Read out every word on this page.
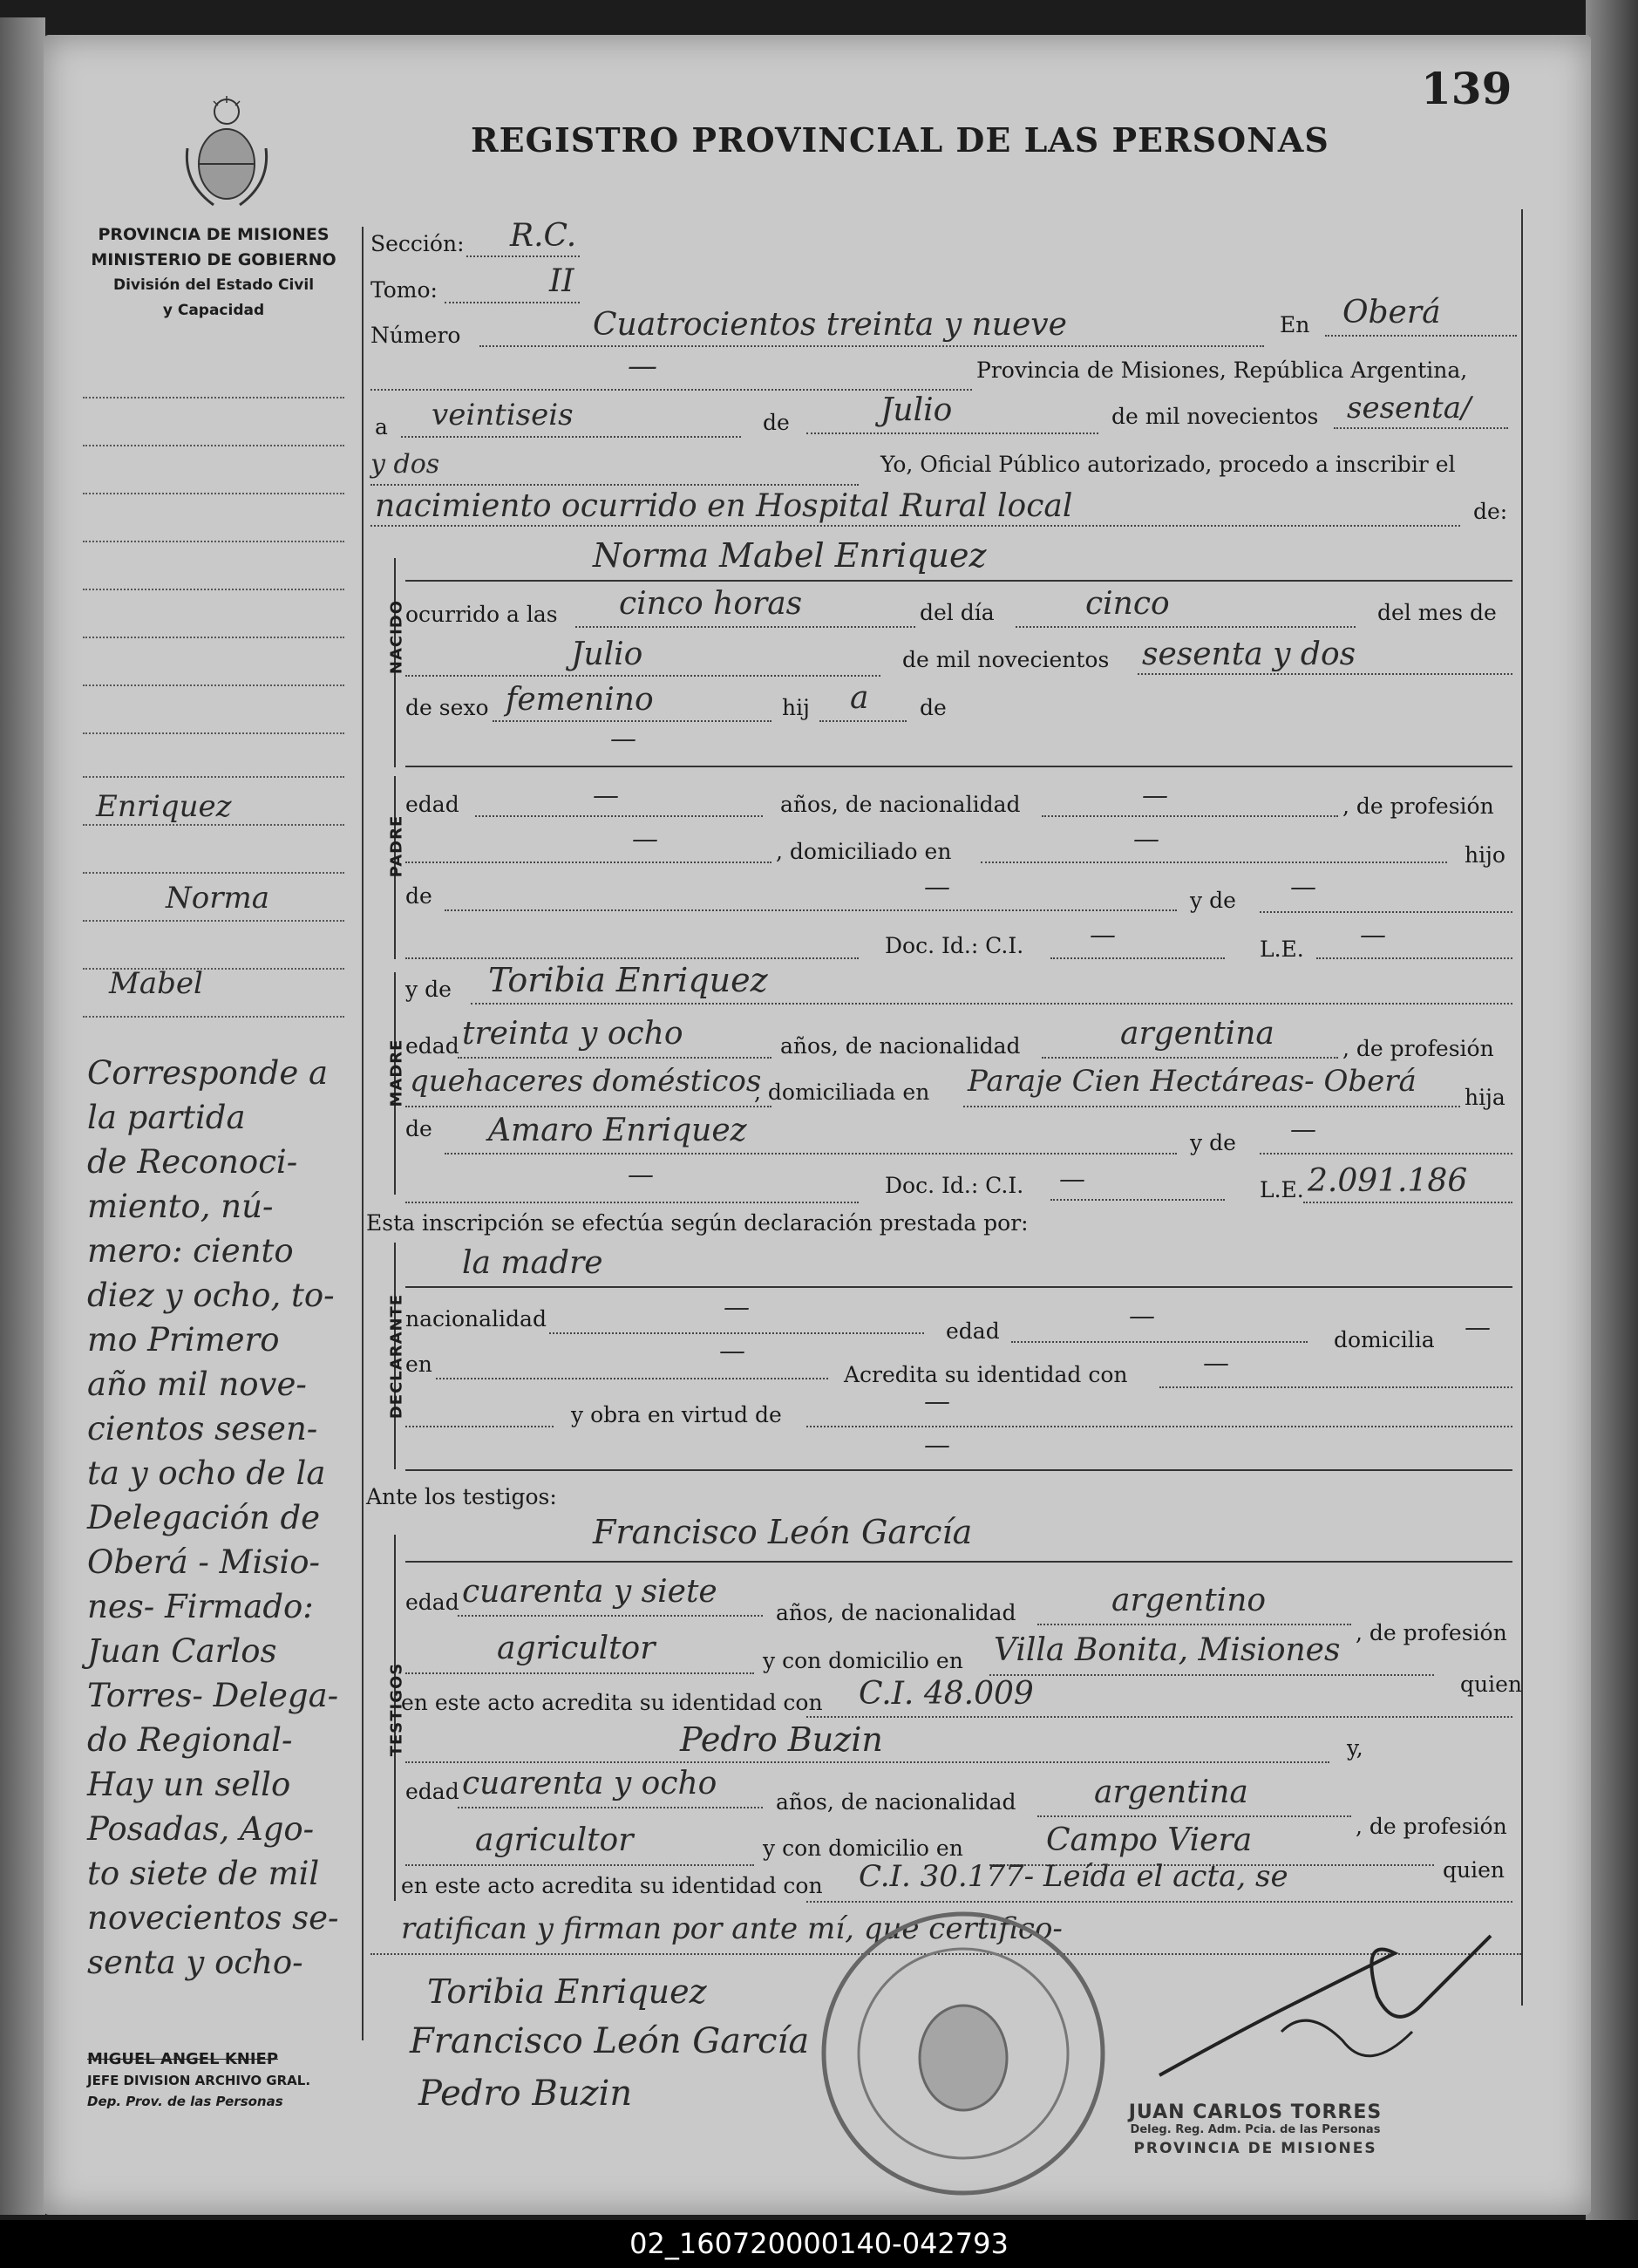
139
REGISTRO PROVINCIAL DE LAS PERSONAS
PROVINCIA DE MISIONES
MINISTERIO DE GOBIERNO
División del Estado Civil
y Capacidad
Enriquez
Norma
Mabel
Corresponde a
la partida
de Reconoci-
miento, nú-
mero: ciento
diez y ocho, to-
mo Primero
año mil nove-
cientos sesen-
ta y ocho de la
Delegación de
Oberá - Misio-
nes- Firmado:
Juan Carlos
Torres- Delega-
do Regional-
Hay un sello
Posadas, Ago-
to siete de mil
novecientos se-
senta y ocho-
MIGUEL ANGEL KNIEP
JEFE DIVISION ARCHIVO GRAL.
Dep. Prov. de las Personas
NACIDO
PADRE
MADRE
DECLARANTE
TESTIGOS
Sección: R.C.
Tomo:	II
Número	Cuatrocientos treinta y nueve	En Oberá
—	Provincia de Misiones, República Argentina,
a veintiseis	de	Julio	de mil novecientos sesenta/
y dos	Yo, Oficial Público autorizado, procedo a inscribir el
nacimiento ocurrido en Hospital Rural local	de:
Norma Mabel Enriquez
ocurrido a las cinco horas	del día	cinco	del mes de
Julio	de mil novecientos sesenta y dos
de sexo femenino	hij a de
—
edad	—	años, de nacionalidad	—	, de profesión
—	, domiciliado en	—
hijo
de	—	y de —
Doc. Id.: C.I.	—	L.E. —
y de Toribia Enriquez
edad treinta y ocho	años, de nacionalidad	argentina	, de profesión
quehaceres domésticos
, domiciliada en Paraje Cien Hectáreas- Oberá hija
de Amaro Enriquez	y de —
—	Doc. Id.: C.I. —	L.E. 2.091.186
Esta inscripción se efectúa según declaración prestada por:
la madre
nacionalidad	—
edad	—
domicilia —
en	—
Acredita su identidad con	—
y obra en virtud de	—
—
Ante los testigos:
Francisco León García
edad cuarenta y siete
años, de nacionalidad	argentino
, de profesión
agricultor	y con domicilio en Villa Bonita, Misiones
quien
en este acto acredita su identidad con C.I. 48.009
Pedro Buzin	y,
edad cuarenta y ocho
años, de nacionalidad argentina
, de profesión
agricultor	y con domicilio en	Campo Viera
quien
en este acto acredita su identidad con C.I. 30.177- Leída el acta, se
ratifican y firman por ante mí, que certifico-
Toribia Enriquez
Francisco León García
Pedro Buzin	JUAN CARLOS TORRES
Deleg. Reg. Adm. Pcia. de las Personas
PROVINCIA DE MISIONES
02_160720000140-042793
